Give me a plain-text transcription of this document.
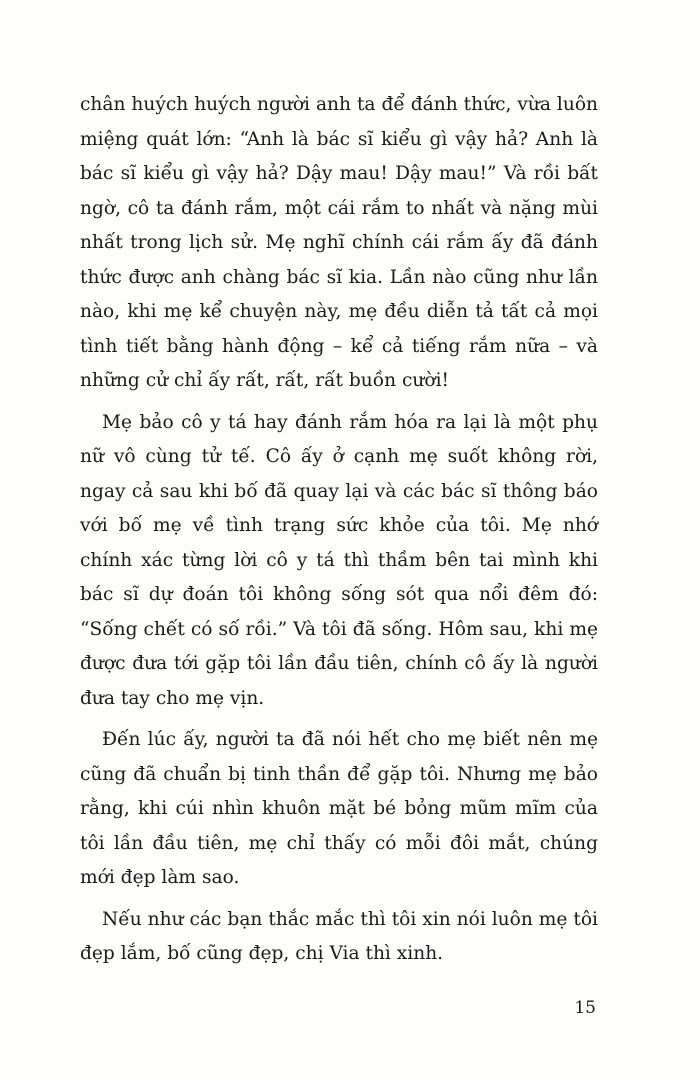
chân huých huých người anh ta để đánh thức, vừa luôn miệng quát lớn: “Anh là bác sĩ kiểu gì vậy hả? Anh là bác sĩ kiểu gì vậy hả? Dậy mau! Dậy mau!” Và rồi bất ngờ, cô ta đánh rắm, một cái rắm to nhất và nặng mùi nhất trong lịch sử. Mẹ nghĩ chính cái rắm ấy đã đánh thức được anh chàng bác sĩ kia. Lần nào cũng như lần nào, khi mẹ kể chuyện này, mẹ đều diễn tả tất cả mọi tình tiết bằng hành động – kể cả tiếng rắm nữa – và những cử chỉ ấy rất, rất, rất buồn cười!

Mẹ bảo cô y tá hay đánh rắm hóa ra lại là một phụ nữ vô cùng tử tế. Cô ấy ở cạnh mẹ suốt không rời, ngay cả sau khi bố đã quay lại và các bác sĩ thông báo với bố mẹ về tình trạng sức khỏe của tôi. Mẹ nhớ chính xác từng lời cô y tá thì thầm bên tai mình khi bác sĩ dự đoán tôi không sống sót qua nổi đêm đó: “Sống chết có số rồi.” Và tôi đã sống. Hôm sau, khi mẹ được đưa tới gặp tôi lần đầu tiên, chính cô ấy là người đưa tay cho mẹ vịn.

Đến lúc ấy, người ta đã nói hết cho mẹ biết nên mẹ cũng đã chuẩn bị tinh thần để gặp tôi. Nhưng mẹ bảo rằng, khi cúi nhìn khuôn mặt bé bỏng mũm mĩm của tôi lần đầu tiên, mẹ chỉ thấy có mỗi đôi mắt, chúng mới đẹp làm sao.

Nếu như các bạn thắc mắc thì tôi xin nói luôn mẹ tôi đẹp lắm, bố cũng đẹp, chị Via thì xinh.

15
